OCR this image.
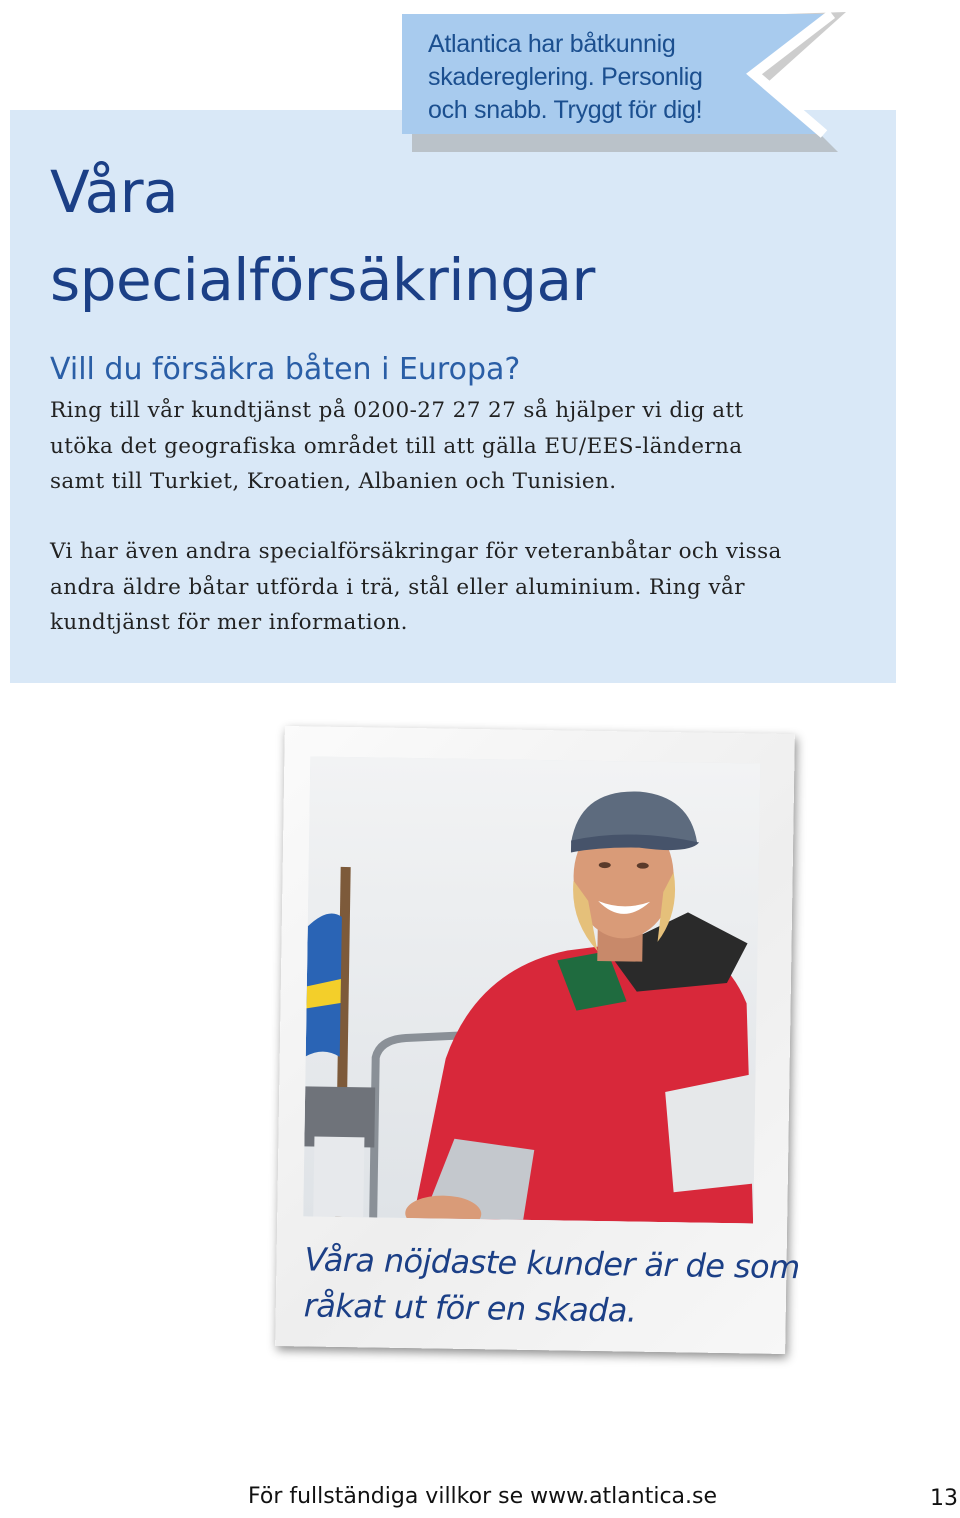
Atlantica har båtkunnig
skadereglering. Personlig
och snabb. Tryggt för dig!
Våra
specialförsäkringar
Vill du försäkra båten i Europa?

Ring till vår kundtjänst på 0200-27 27 27 så hjälper vi dig att
utöka det geografiska området till att gälla EU/EES-länderna
samt till Turkiet, Kroatien, Albanien och Tunisien.

Vi har även andra specialförsäkringar för veteranbåtar och vissa
andra äldre båtar utförda i trä, stål eller aluminium. Ring vår
kundtjänst för mer information.

Våra nöjdaste kunder är de som
råkat ut för en skada.
För fullständiga villkor se www.atlantica.se	13
